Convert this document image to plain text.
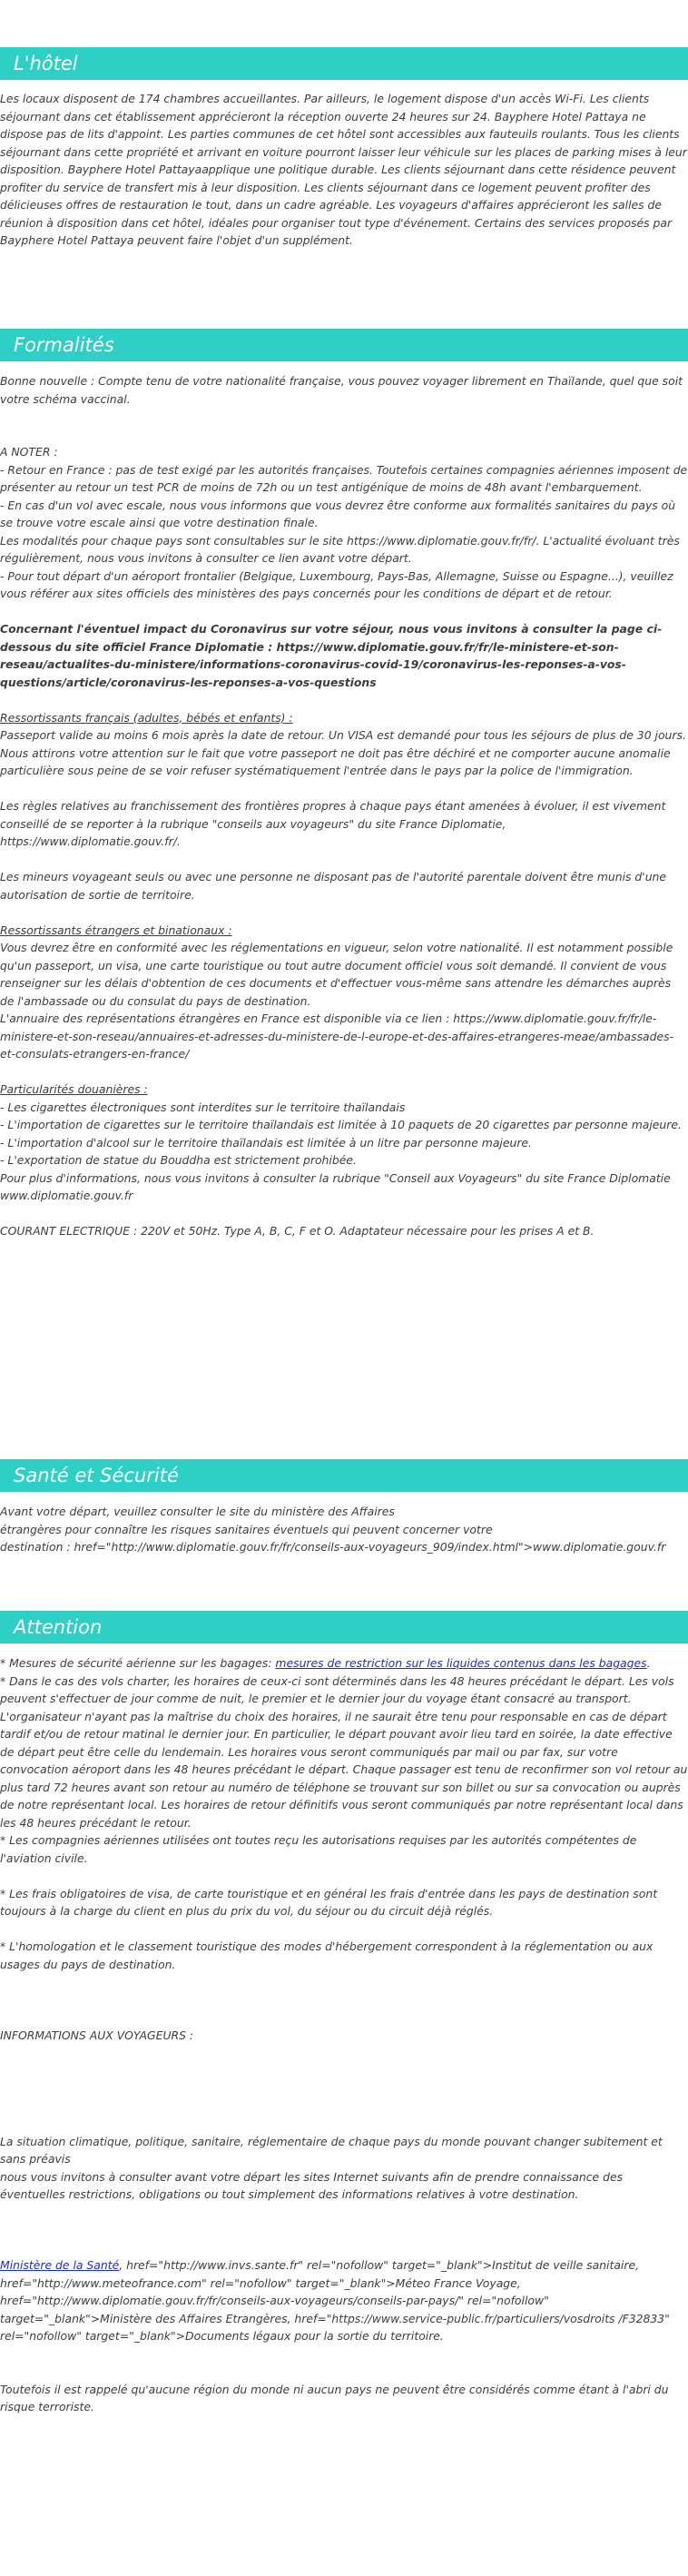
L'hôtel

Les locaux disposent de 174 chambres accueillantes. Par ailleurs, le logement dispose d'un accès Wi-Fi. Les clients séjournant dans cet établissement apprécieront la réception ouverte 24 heures sur 24. Bayphere Hotel Pattaya ne dispose pas de lits d'appoint. Les parties communes de cet hôtel sont accessibles aux fauteuils roulants. Tous les clients séjournant dans cette propriété et arrivant en voiture pourront laisser leur véhicule sur les places de parking mises à leur disposition. Bayphere Hotel Pattayaapplique une politique durable. Les clients séjournant dans cette résidence peuvent profiter du service de transfert mis à leur disposition. Les clients séjournant dans ce logement peuvent profiter des délicieuses offres de restauration le tout, dans un cadre agréable. Les voyageurs d'affaires apprécieront les salles de réunion à disposition dans cet hôtel, idéales pour organiser tout type d'événement. Certains des services proposés par Bayphere Hotel Pattaya peuvent faire l'objet d'un supplément.

Formalités

Bonne nouvelle : Compte tenu de votre nationalité française, vous pouvez voyager librement en Thaïlande, quel que soit votre schéma vaccinal.

A NOTER :

- Retour en France : pas de test exigé par les autorités françaises. Toutefois certaines compagnies aériennes imposent de présenter au retour un test PCR de moins de 72h ou un test antigénique de moins de 48h avant l'embarquement.

- En cas d'un vol avec escale, nous vous informons que vous devrez être conforme aux formalités sanitaires du pays où se trouve votre escale ainsi que votre destination finale.

Les modalités pour chaque pays sont consultables sur le site https://www.diplomatie.gouv.fr/fr/. L'actualité évoluant très régulièrement, nous vous invitons à consulter ce lien avant votre départ.

- Pour tout départ d'un aéroport frontalier (Belgique, Luxembourg, Pays-Bas, Allemagne, Suisse ou Espagne...), veuillez vous référer aux sites officiels des ministères des pays concernés pour les conditions de départ et de retour.

Concernant l'éventuel impact du Coronavirus sur votre séjour, nous vous invitons à consulter la page ci-dessous du site officiel France Diplomatie : https://www.diplomatie.gouv.fr/fr/le-ministere-et-son-reseau/actualites-du-ministere/informations-coronavirus-covid-19/coronavirus-les-reponses-a-vos-questions/article/coronavirus-les-reponses-a-vos-questions

Ressortissants français (adultes, bébés et enfants) :

Passeport valide au moins 6 mois après la date de retour. Un VISA est demandé pour tous les séjours de plus de 30 jours. Nous attirons votre attention sur le fait que votre passeport ne doit pas être déchiré et ne comporter aucune anomalie particulière sous peine de se voir refuser systématiquement l'entrée dans le pays par la police de l'immigration.

Les règles relatives au franchissement des frontières propres à chaque pays étant amenées à évoluer, il est vivement conseillé de se reporter à la rubrique "conseils aux voyageurs" du site France Diplomatie, https://www.diplomatie.gouv.fr/.

Les mineurs voyageant seuls ou avec une personne ne disposant pas de l'autorité parentale doivent être munis d'une autorisation de sortie de territoire.

Ressortissants étrangers et binationaux :

Vous devrez être en conformité avec les réglementations en vigueur, selon votre nationalité. Il est notamment possible qu'un passeport, un visa, une carte touristique ou tout autre document officiel vous soit demandé. Il convient de vous renseigner sur les délais d'obtention de ces documents et d'effectuer vous-même sans attendre les démarches auprès de l'ambassade ou du consulat du pays de destination.

L'annuaire des représentations étrangères en France est disponible via ce lien : https://www.diplomatie.gouv.fr/fr/le-ministere-et-son-reseau/annuaires-et-adresses-du-ministere-de-l-europe-et-des-affaires-etrangeres-meae/ambassades-et-consulats-etrangers-en-france/

Particularités douanières :

- Les cigarettes électroniques sont interdites sur le territoire thaïlandais

- L'importation de cigarettes sur le territoire thaïlandais est limitée à 10 paquets de 20 cigarettes par personne majeure.

- L'importation d'alcool sur le territoire thaïlandais est limitée à un litre par personne majeure.

- L'exportation de statue du Bouddha est strictement prohibée.

Pour plus d'informations, nous vous invitons à consulter la rubrique "Conseil aux Voyageurs" du site France Diplomatie www.diplomatie.gouv.fr

COURANT ELECTRIQUE : 220V et 50Hz. Type A, B, C, F et O. Adaptateur nécessaire pour les prises A et B.

Santé et Sécurité

Avant votre départ, veuillez consulter le site du ministère des Affaires

étrangères pour connaître les risques sanitaires éventuels qui peuvent concerner votre

destination : href="http://www.diplomatie.gouv.fr/fr/conseils-aux-voyageurs_909/index.html">www.diplomatie.gouv.fr

Attention

* Mesures de sécurité aérienne sur les bagages: mesures de restriction sur les liquides contenus dans les bagages.

* Dans le cas des vols charter, les horaires de ceux-ci sont déterminés dans les 48 heures précédant le départ. Les vols peuvent s'effectuer de jour comme de nuit, le premier et le dernier jour du voyage étant consacré au transport. L'organisateur n'ayant pas la maîtrise du choix des horaires, il ne saurait être tenu pour responsable en cas de départ tardif et/ou de retour matinal le dernier jour. En particulier, le départ pouvant avoir lieu tard en soirée, la date effective de départ peut être celle du lendemain. Les horaires vous seront communiqués par mail ou par fax, sur votre convocation aéroport dans les 48 heures précédant le départ. Chaque passager est tenu de reconfirmer son vol retour au plus tard 72 heures avant son retour au numéro de téléphone se trouvant sur son billet ou sur sa convocation ou auprès de notre représentant local. Les horaires de retour définitifs vous seront communiqués par notre représentant local dans les 48 heures précédant le retour.

* Les compagnies aériennes utilisées ont toutes reçu les autorisations requises par les autorités compétentes de l'aviation civile.

* Les frais obligatoires de visa, de carte touristique et en général les frais d'entrée dans les pays de destination sont toujours à la charge du client en plus du prix du vol, du séjour ou du circuit déjà réglés.

* L'homologation et le classement touristique des modes d'hébergement correspondent à la réglementation ou aux usages du pays de destination.

INFORMATIONS AUX VOYAGEURS :

La situation climatique, politique, sanitaire, réglementaire de chaque pays du monde pouvant changer subitement et sans préavis

nous vous invitons à consulter avant votre départ les sites Internet suivants afin de prendre connaissance des éventuelles restrictions, obligations ou tout simplement des informations relatives à votre destination.

Ministère de la Santé, href="http://www.invs.sante.fr" rel="nofollow" target="_blank">Institut de veille sanitaire, href="http://www.meteofrance.com" rel="nofollow" target="_blank">Méteo France Voyage, href="http://www.diplomatie.gouv.fr/fr/conseils-aux-voyageurs/conseils-par-pays/" rel="nofollow" target="_blank">Ministère des Affaires Etrangères, href="https://www.service-public.fr/particuliers/vosdroits /F32833" rel="nofollow" target="_blank">Documents légaux pour la sortie du territoire.

Toutefois il est rappelé qu'aucune région du monde ni aucun pays ne peuvent être considérés comme étant à l'abri du risque terroriste.
